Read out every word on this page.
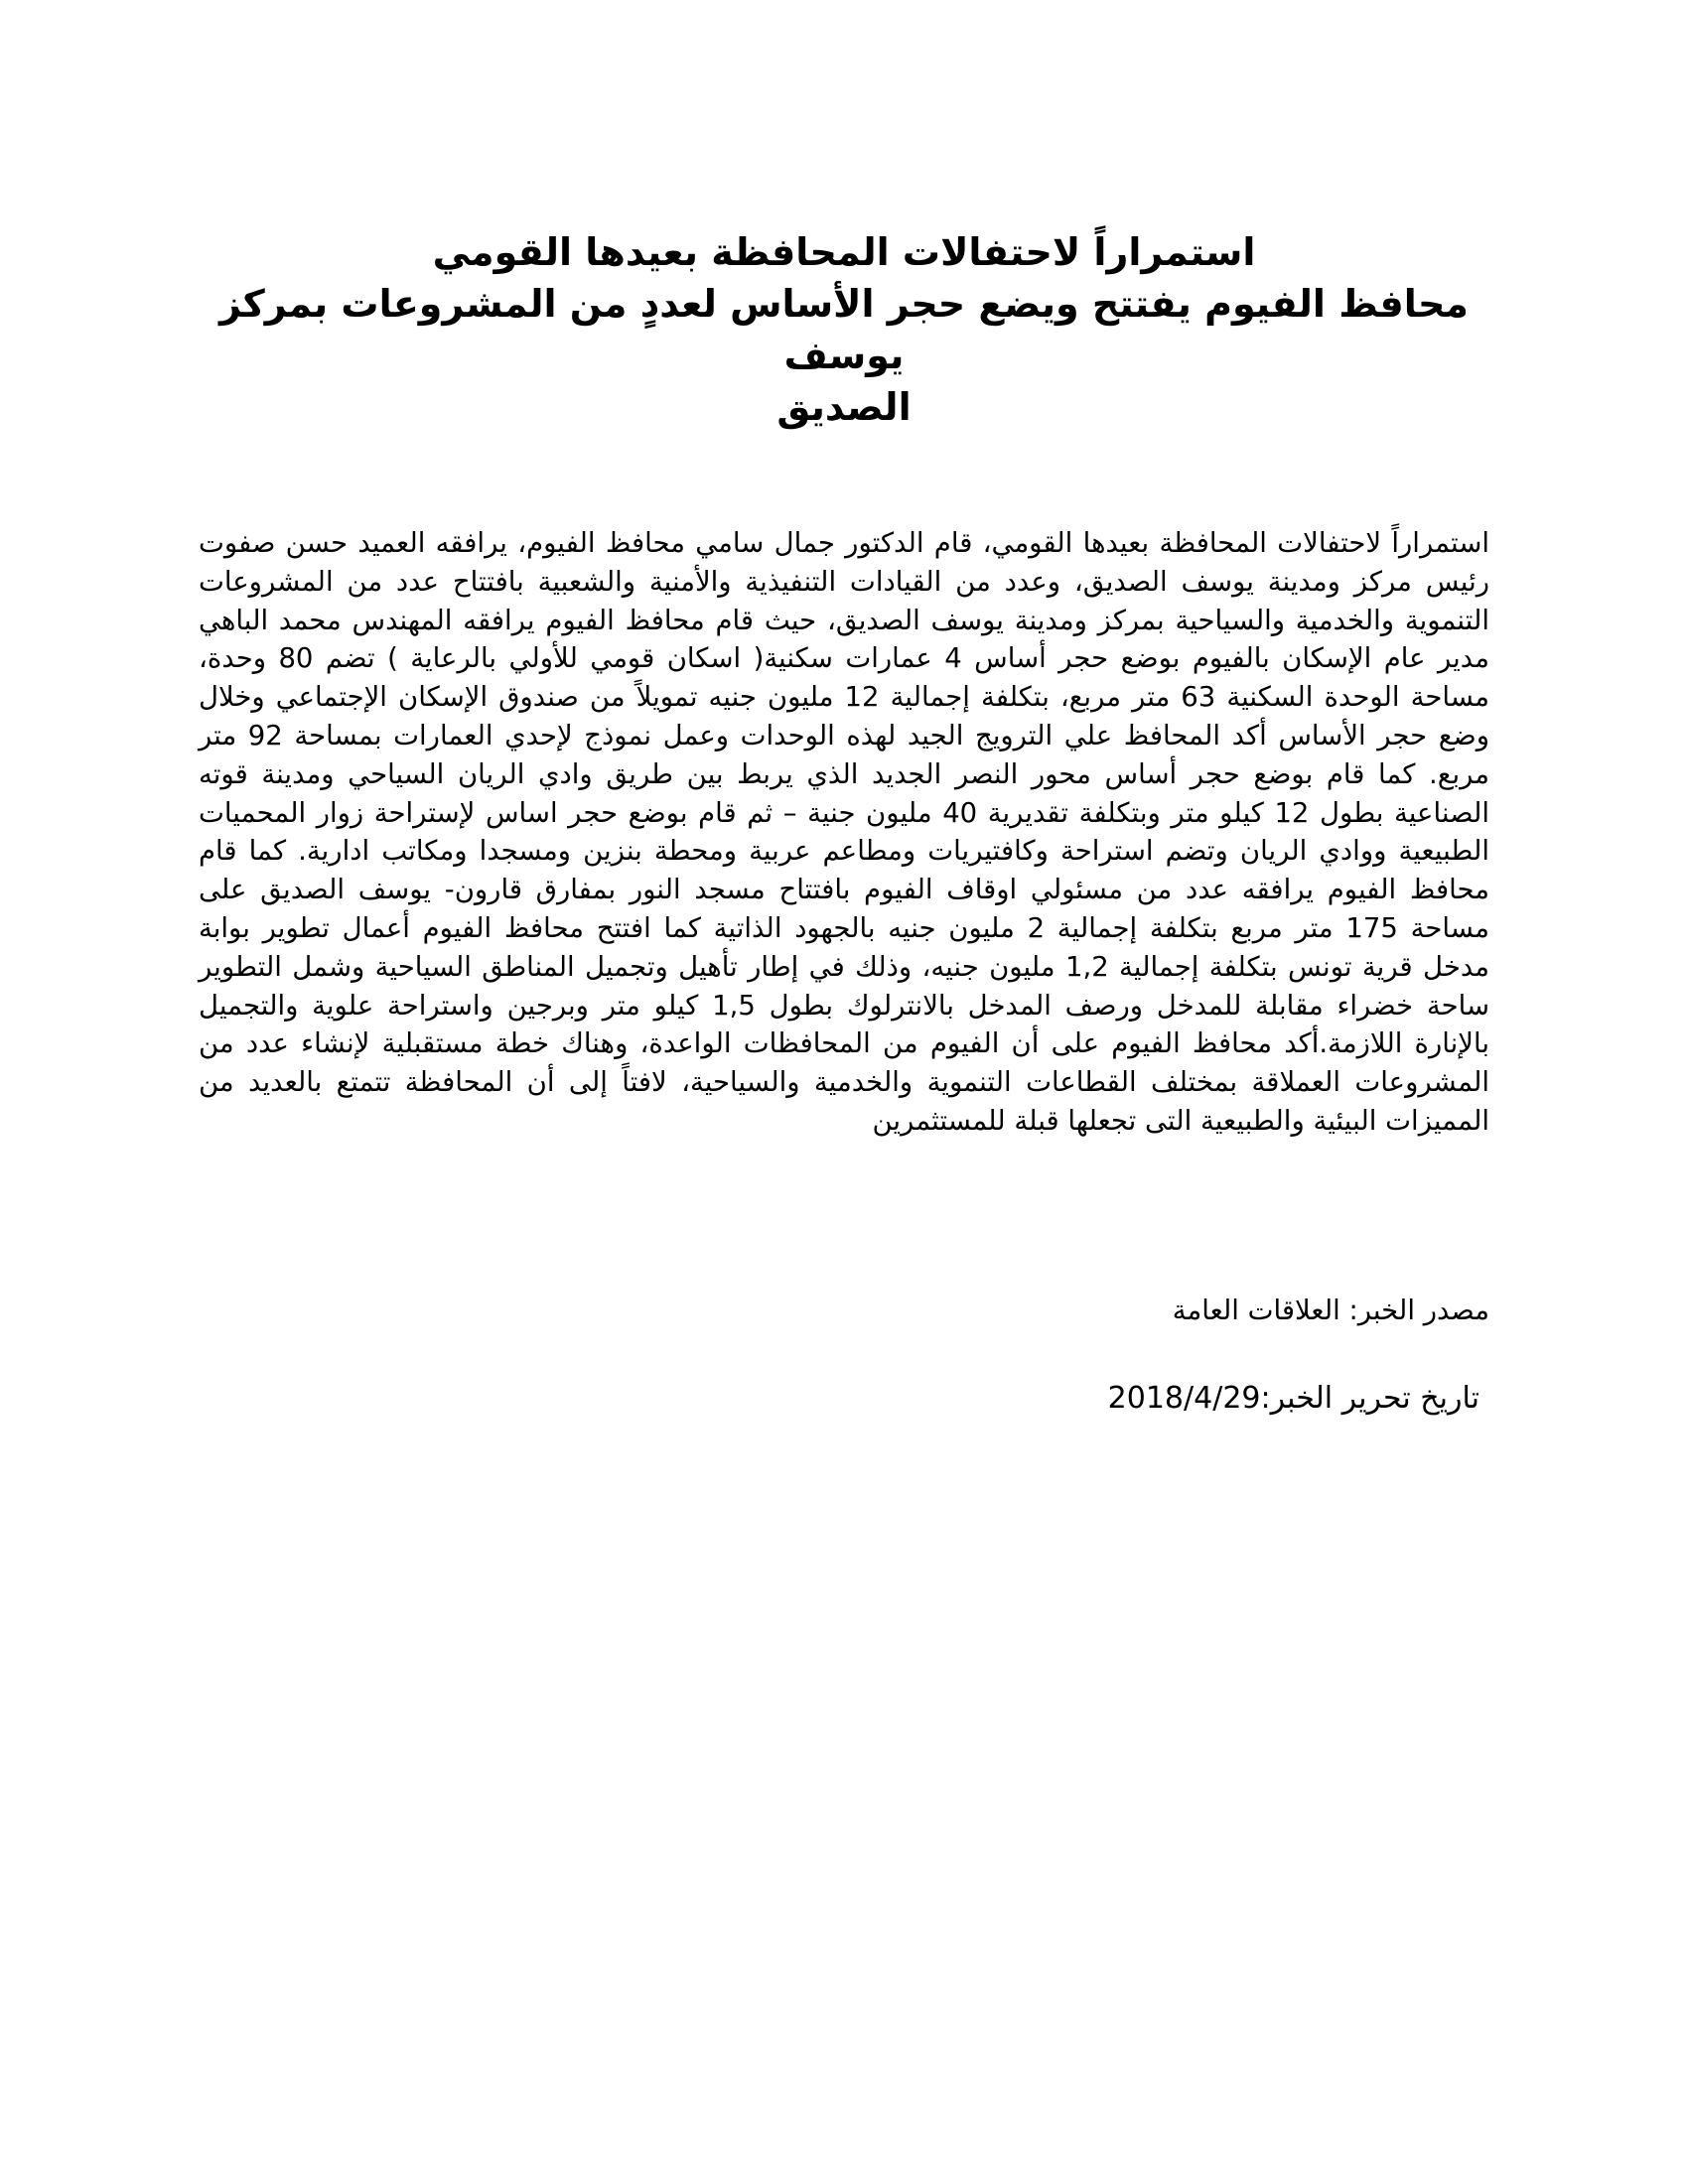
استمراراً لاحتفالات المحافظة بعيدها القومي
محافظ الفيوم يفتتح ويضع حجر الأساس لعددٍ من المشروعات بمركز يوسف
الصديق
استمراراً لاحتفالات المحافظة بعيدها القومي، قام الدكتور جمال سامي محافظ الفيوم، يرافقه العميد حسن صفوت رئيس مركز ومدينة يوسف الصديق، وعدد من القيادات التنفيذية والأمنية والشعبية بافتتاح عدد من المشروعات التنموية والخدمية والسياحية بمركز ومدينة يوسف الصديق، حيث قام محافظ الفيوم يرافقه المهندس محمد الباهي مدير عام الإسكان بالفيوم بوضع حجر أساس 4 عمارات سكنية( اسكان قومي للأولي بالرعاية ) تضم 80 وحدة، مساحة الوحدة السكنية 63 متر مربع، بتكلفة إجمالية 12 مليون جنيه تمويلاً من صندوق الإسكان الإجتماعي وخلال وضع حجر الأساس أكد المحافظ علي الترويج الجيد لهذه الوحدات وعمل نموذج لإحدي العمارات بمساحة 92 متر مربع. كما قام بوضع حجر أساس محور النصر الجديد الذي يربط بين طريق وادي الريان السياحي ومدينة قوته الصناعية بطول 12 كيلو متر وبتكلفة تقديرية 40 مليون جنية – ثم قام بوضع حجر اساس لإستراحة زوار المحميات الطبيعية ووادي الريان وتضم استراحة وكافتيريات ومطاعم عربية ومحطة بنزين ومسجدا ومكاتب ادارية. كما قام محافظ الفيوم يرافقه عدد من مسئولي اوقاف الفيوم بافتتاح مسجد النور بمفارق قارون- يوسف الصديق على مساحة 175 متر مربع بتكلفة إجمالية 2 مليون جنيه بالجهود الذاتية كما افتتح محافظ الفيوم أعمال تطوير بوابة مدخل قرية تونس بتكلفة إجمالية 1,2 مليون جنيه، وذلك في إطار تأهيل وتجميل المناطق السياحية وشمل التطوير ساحة خضراء مقابلة للمدخل ورصف المدخل بالانترلوك بطول 1,5 كيلو متر وبرجين واستراحة علوية والتجميل بالإنارة اللازمة.أكد محافظ الفيوم على أن الفيوم من المحافظات الواعدة، وهناك خطة مستقبلية لإنشاء عدد من المشروعات العملاقة بمختلف القطاعات التنموية والخدمية والسياحية، لافتاً إلى أن المحافظة تتمتع بالعديد من المميزات البيئية والطبيعية التى تجعلها قبلة للمستثمرين
مصدر الخبر: العلاقات العامة
تاريخ تحرير الخبر:2018/4/29
